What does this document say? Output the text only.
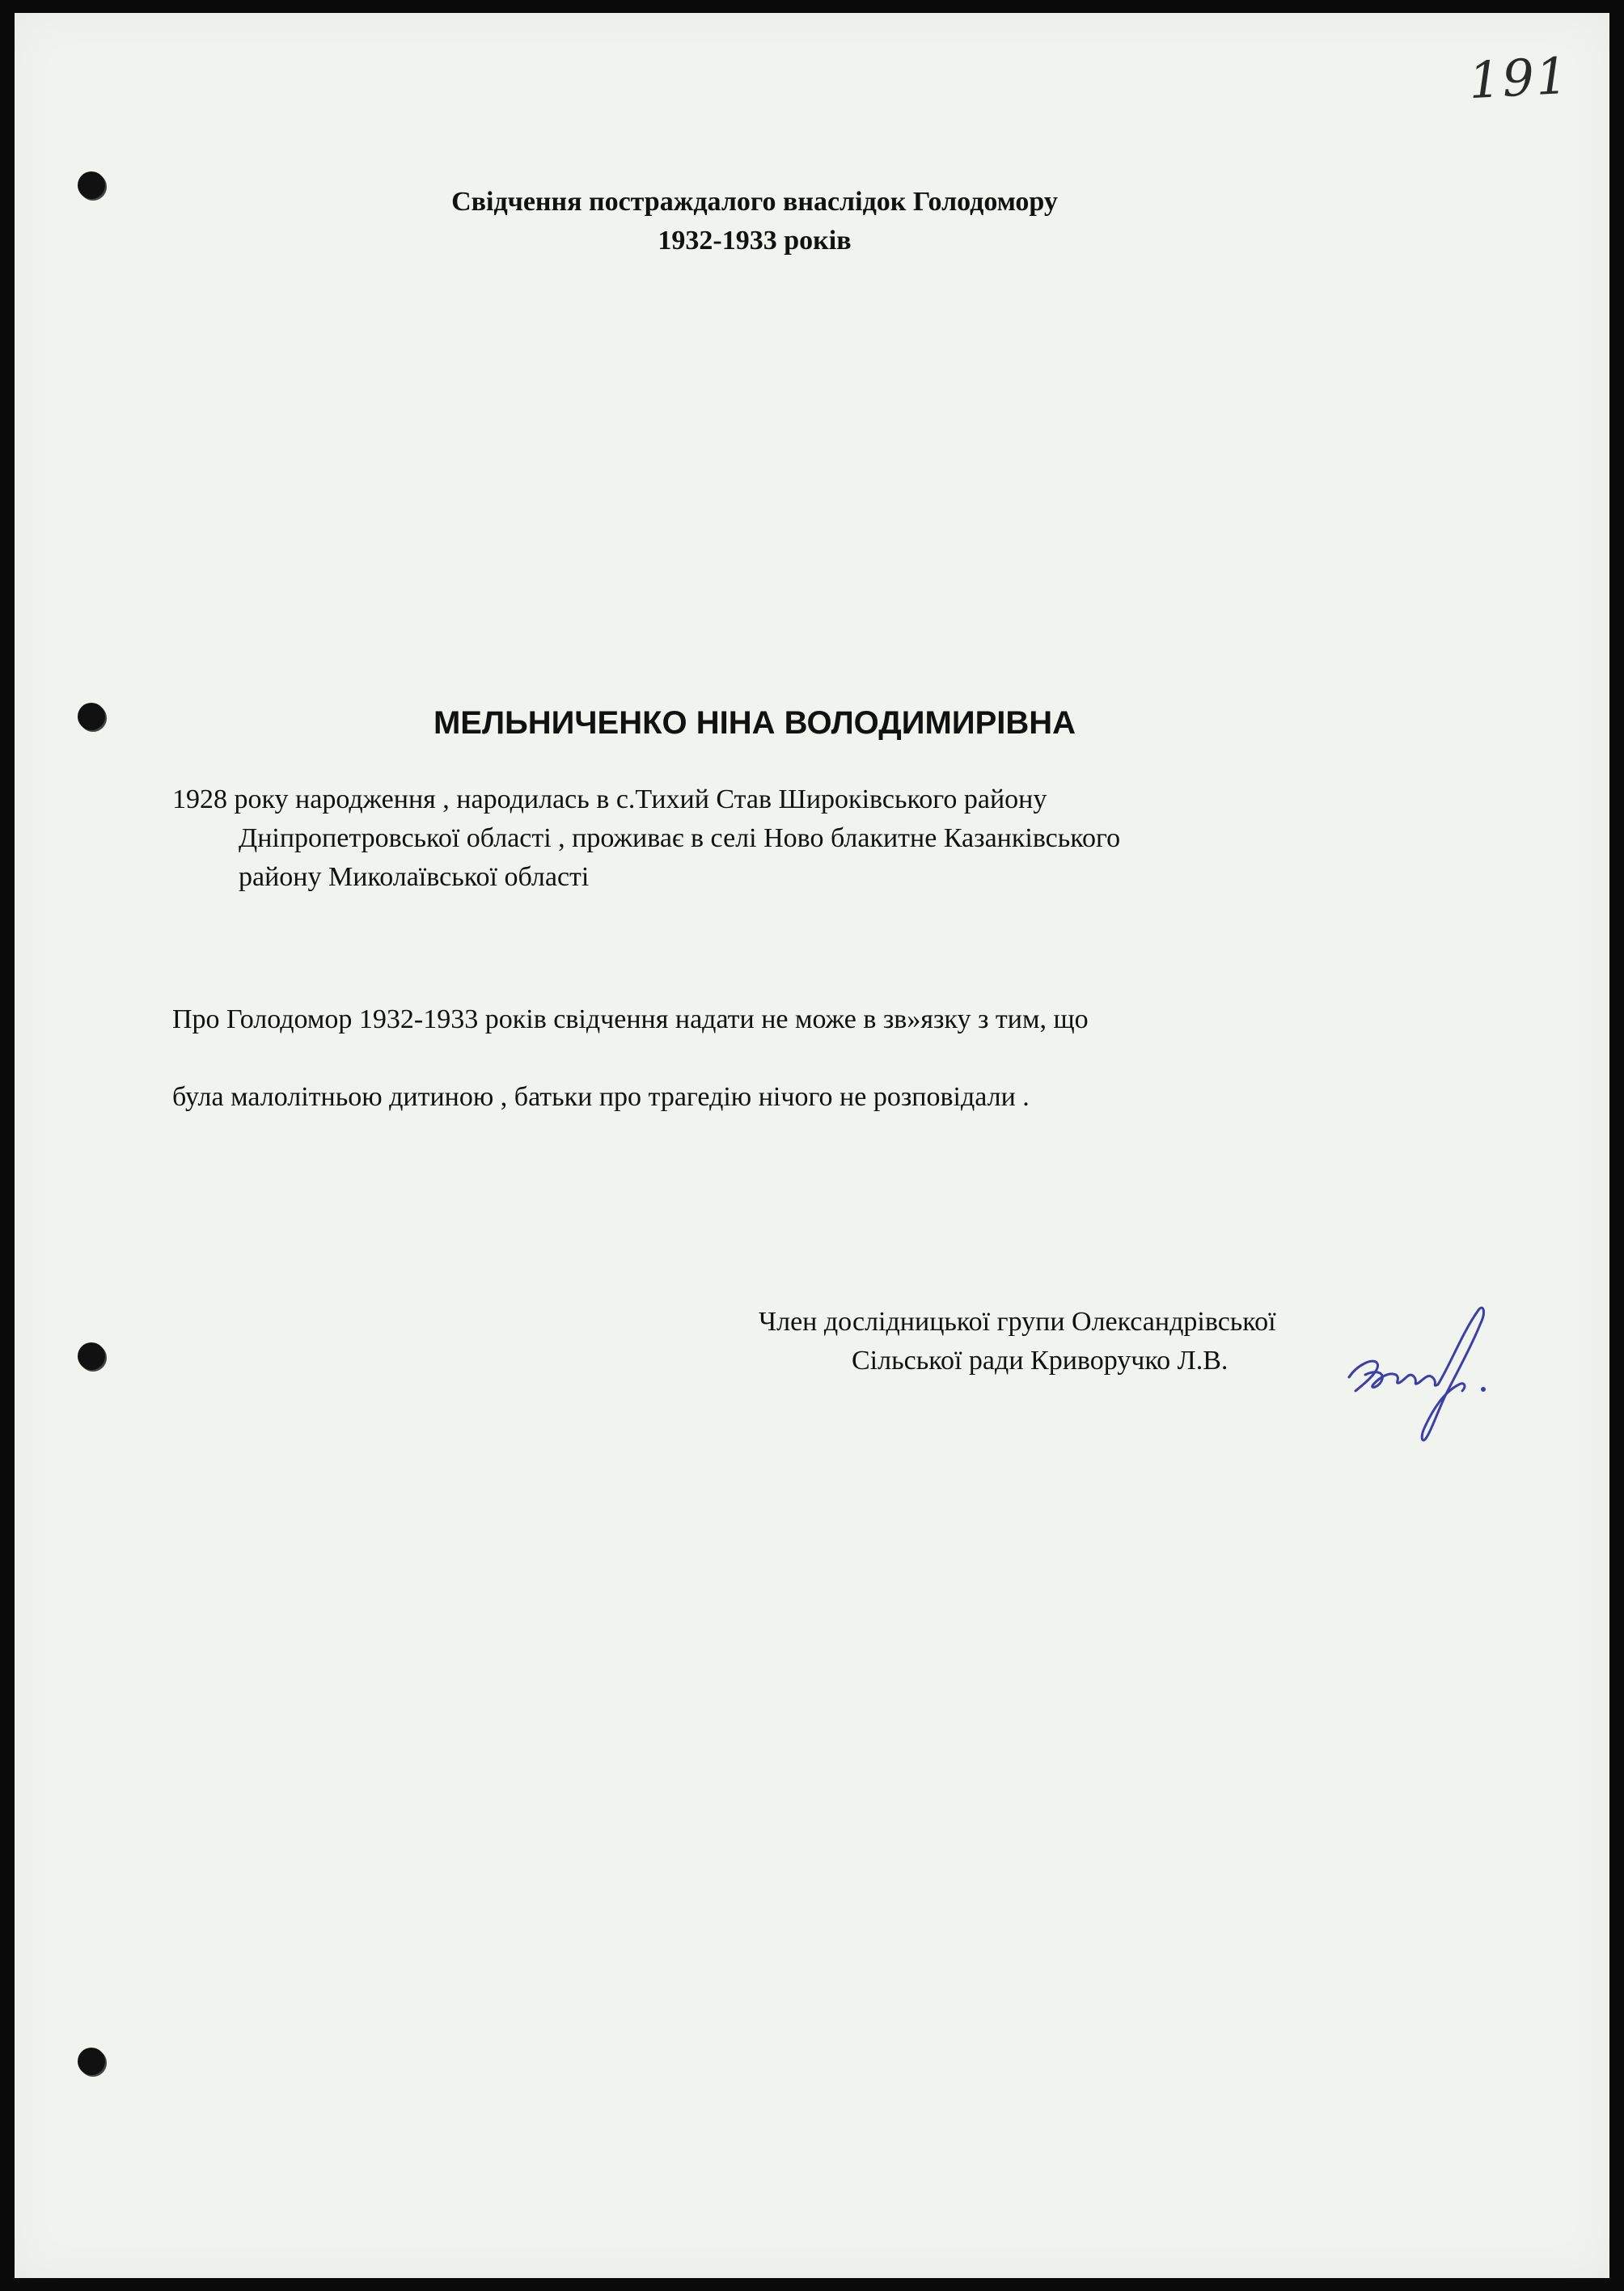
191
Свідчення постраждалого внаслідок Голодомору
1932-1933 років
МЕЛЬНИЧЕНКО НІНА ВОЛОДИМИРІВНА
1928 року народження , народилась в с.Тихий Став Широківського району
Дніпропетровської області , проживає в селі Ново блакитне Казанківського
району Миколаївської області
Про Голодомор 1932-1933 років свідчення надати не може в зв»язку з тим, що
була малолітньою дитиною , батьки про трагедію нічого не розповідали .
Член дослідницької групи Олександрівської
Сільської ради Криворучко Л.В.
